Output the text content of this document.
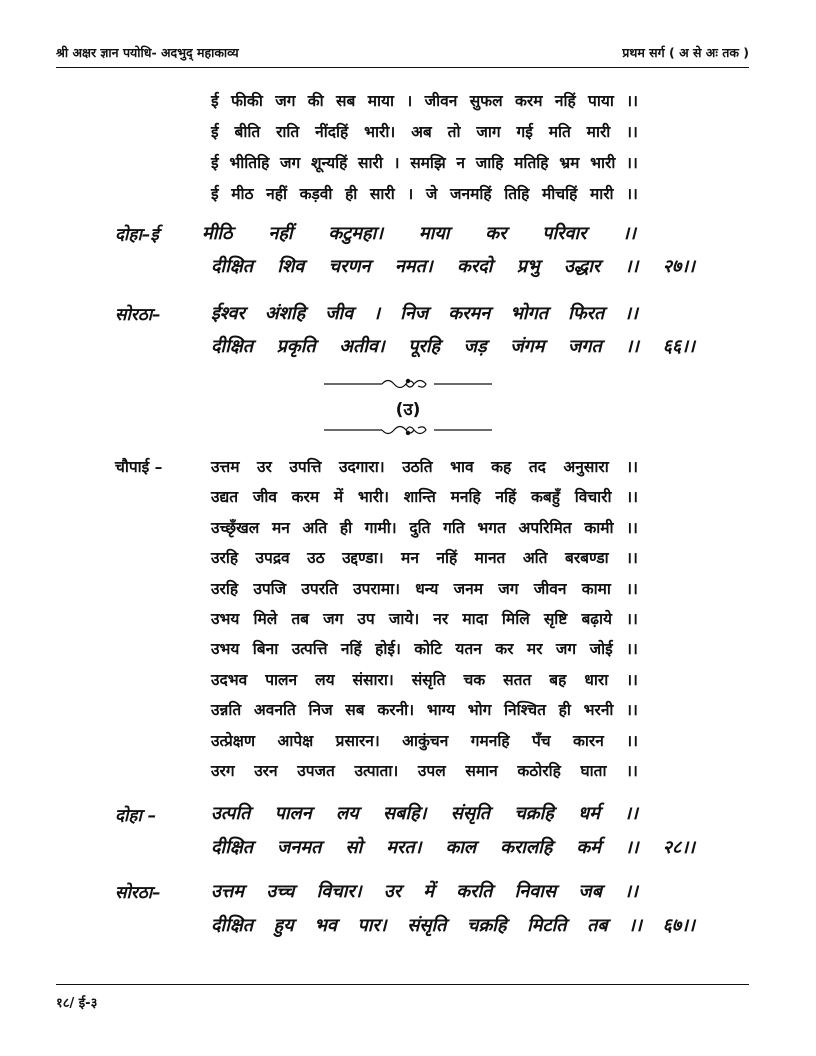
श्री अक्षर ज्ञान पयोधि- अदभुद् महाकाव्य	प्रथम सर्ग ( अ से अः तक )
ई फीकी जग की सब माया । जीवन सुफल करम नहिं पाया ।।
ई बीति राति नींदहिं भारी। अब तो जाग गई मति मारी ।।
ई भीतिहि जग शून्यहिं सारी । समझि न जाहि मतिहि भ्रम भारी ।।
ई मीठ नहीं कड़वी ही सारी । जे जनमहिं तिहि मीचहिं मारी ।।
दोहा–ई मीठि नहीं कटुमहा। माया कर परिवार ।।
दीक्षित शिव चरणन नमत। करदो प्रभु उद्धार ।। २७।।
सोरठा–	ईश्वर अंशहि जीव । निज करमन भोगत फिरत ।।
दीक्षित प्रकृति अतीव। पूरहि जड़ जंगम जगत ।। ६६।।
(उ)
चौपाई –	उत्तम उर उपत्ति उदगारा। उठति भाव कह तद अनुसारा ।।
उद्यत जीव करम में भारी। शान्ति मनहि नहिं कबहुँ विचारी ।।
उच्छृँखल मन अति ही गामी। दुति गति भगत अपरिमित कामी ।।
उरहि उपद्रव उठ उद्दण्डा। मन नहिं मानत अति बरबण्डा ।।
उरहि उपजि उपरति उपरामा। धन्य जनम जग जीवन कामा ।।
उभय मिले तब जग उप जाये। नर मादा मिलि सृष्टि बढ़ाये ।।
उभय बिना उत्पत्ति नहिं होई। कोटि यतन कर मर जग जोई ।।
उदभव पालन लय संसारा। संसृति चक सतत बह धारा ।।
उन्नति अवनति निज सब करनी। भाग्य भोग निश्चित ही भरनी ।।
उत्प्रेक्षण आपेक्ष प्रसारन। आकुंचन गमनहि पँच कारन ।।
उरग उरन उपजत उत्पाता। उपल समान कठोरहि घाता ।।
दोहा –	उत्पति पालन लय सबहि। संसृति चक्रहि धर्म ।।
दीक्षित जनमत सो मरत। काल करालहि कर्म ।। २८।।
सोरठा–	उत्तम उच्च विचार। उर में करति निवास जब ।।
दीक्षित हुय भव पार। संसृति चक्रहि मिटति तब ।। ६७।।
१८/ ई-३
